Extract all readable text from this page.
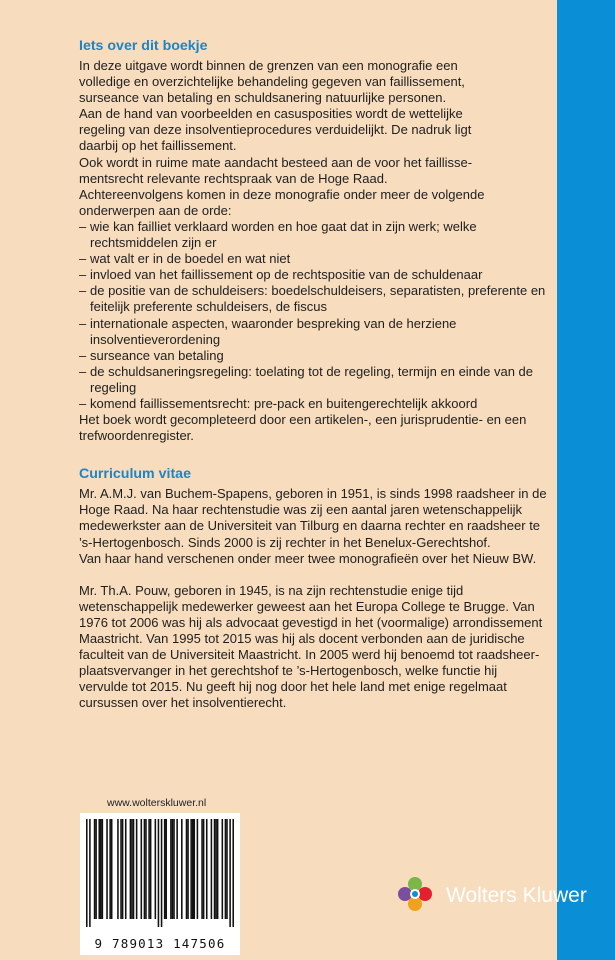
Iets over dit boekje

In deze uitgave wordt binnen de grenzen van een monografie een

volledige en overzichtelijke behandeling gegeven van faillissement,

surseance van betaling en schuldsanering natuurlijke personen.

Aan de hand van voorbeelden en casusposities wordt de wettelijke

regeling van deze insolventieprocedures verduidelijkt. De nadruk ligt

daarbij op het faillissement.

Ook wordt in ruime mate aandacht besteed aan de voor het faillisse-

mentsrecht relevante rechtspraak van de Hoge Raad.

Achtereenvolgens komen in deze monografie onder meer de volgende

onderwerpen aan de orde:

– wie kan failliet verklaard worden en hoe gaat dat in zijn werk; welke rechtsmiddelen zijn er
– wat valt er in de boedel en wat niet
– invloed van het faillissement op de rechtspositie van de schuldenaar
– de positie van de schuldeisers: boedelschuldeisers, separatisten, preferente en feitelijk preferente schuldeisers, de fiscus
– internationale aspecten, waaronder bespreking van de herziene insolventieverordening
– surseance van betaling
– de schuldsaneringsregeling: toelating tot de regeling, termijn en einde van de regeling
– komend faillissementsrecht: pre-pack en buitengerechtelijk akkoord

Het boek wordt gecompleteerd door een artikelen-, een jurisprudentie- en een trefwoordenregister.

Curriculum vitae

Mr. A.M.J. van Buchem-Spapens, geboren in 1951, is sinds 1998 raadsheer in de Hoge Raad. Na haar rechtenstudie was zij een aantal jaren wetenschappelijk medewerkster aan de Universiteit van Tilburg en daarna rechter en raadsheer te ’s-Hertogenbosch. Sinds 2000 is zij rechter in het Benelux-Gerechtshof.

Van haar hand verschenen onder meer twee monografieën over het Nieuw BW.

Mr. Th.A. Pouw, geboren in 1945, is na zijn rechtenstudie enige tijd wetenschappelijk medewerker geweest aan het Europa College te Brugge. Van 1976 tot 2006 was hij als advocaat gevestigd in het (voormalige) arrondissement Maastricht. Van 1995 tot 2015 was hij als docent verbonden aan de juridische faculteit van de Universiteit Maastricht. In 2005 werd hij benoemd tot raadsheer-plaatsvervanger in het gerechtshof te ’s-Hertogenbosch, welke functie hij vervulde tot 2015. Nu geeft hij nog door het hele land met enige regelmaat cursussen over het insolventierecht.

www.wolterskluwer.nl
9 789013 147506
Wolters Kluwer
